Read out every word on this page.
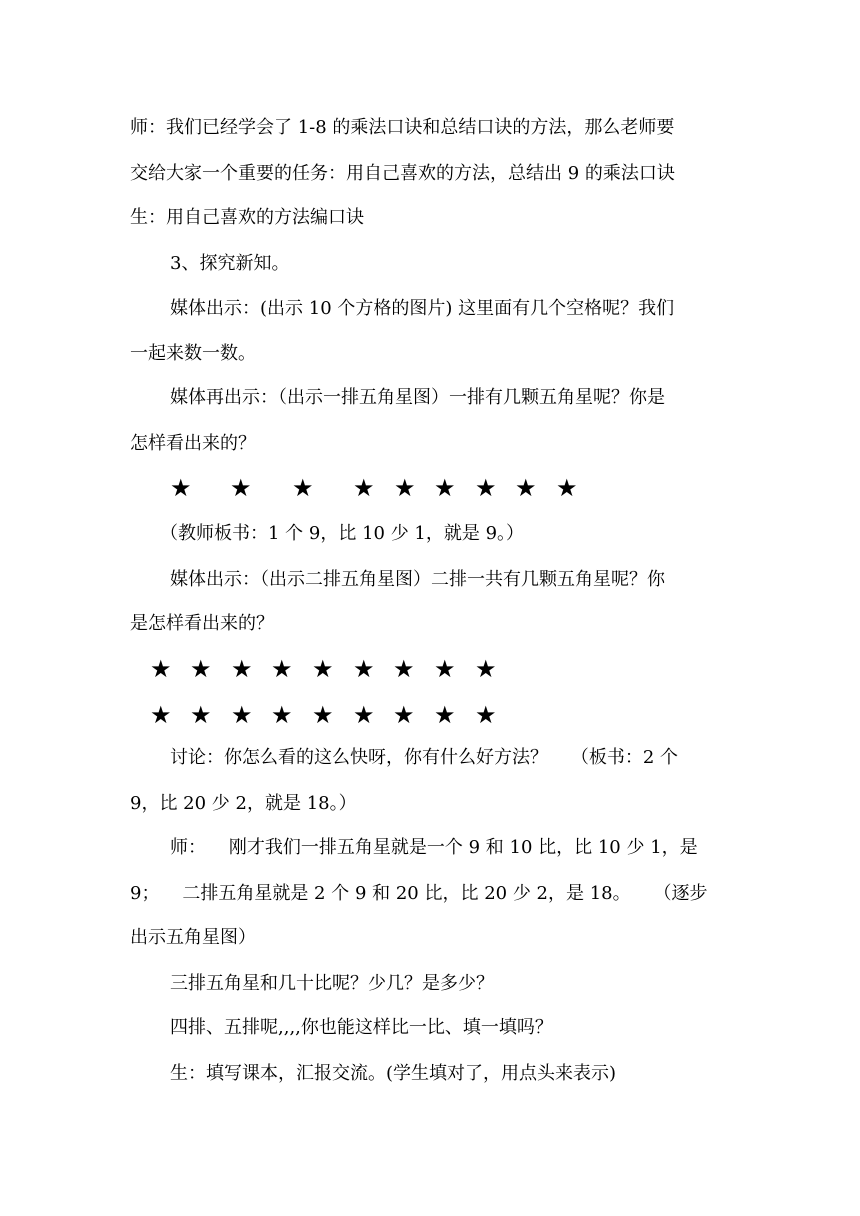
师：我们已经学会了 1-8 的乘法口诀和总结口诀的方法，那么老师要
交给大家一个重要的任务：用自己喜欢的方法，总结出 9 的乘法口诀
生：用自己喜欢的方法编口诀
3、探究新知。
媒体出示：(出示 10 个方格的图片) 这里面有几个空格呢？我们
一起来数一数。
媒体再出示：（出示一排五角星图）一排有几颗五角星呢？你是
怎样看出来的？
★ ★ ★ ★ ★ ★ ★ ★ ★
（教师板书：1 个 9，比 10 少 1，就是 9。）
媒体出示：（出示二排五角星图）二排一共有几颗五角星呢？你
是怎样看出来的？
★ ★ ★ ★ ★ ★ ★ ★ ★
★ ★ ★ ★ ★ ★ ★ ★ ★
讨论：你怎么看的这么快呀，你有什么好方法？    （板书：2 个
9，比 20 少 2，就是 18。）
师：    刚才我们一排五角星就是一个 9 和 10 比，比 10 少 1，是
9；    二排五角星就是 2 个 9 和 20 比，比 20 少 2，是 18。    （逐步
出示五角星图）
三排五角星和几十比呢？少几？是多少？
四排、五排呢,,,,你也能这样比一比、填一填吗？
生：填写课本，汇报交流。(学生填对了，用点头来表示)
